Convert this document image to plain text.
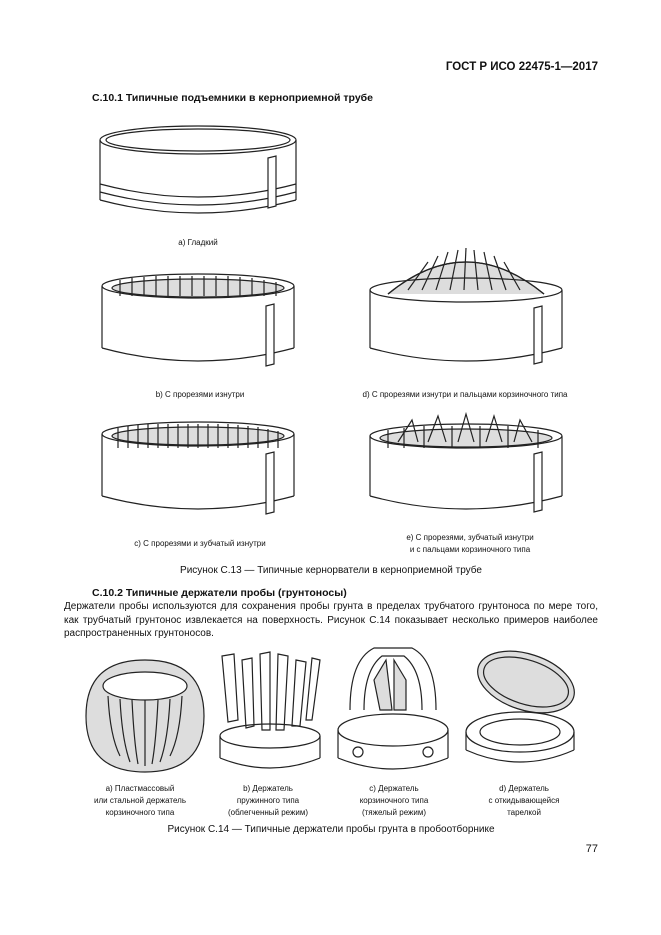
ГОСТ Р ИСО 22475-1—2017
С.10.1 Типичные подъемники в керноприемной трубе
а) Гладкий
b) С прорезями изнутри	d) С прорезями изнутри и пальцами корзиночного типа
с) С прорезями и зубчатый изнутри
е) С прорезями, зубчатый изнутри
и с пальцами корзиночного типа
Рисунок С.13 — Типичные кернорватели в керноприемной трубе
С.10.2 Типичные держатели пробы (грунтоносы)
Держатели пробы используются для сохранения пробы грунта в пределах трубчатого грунтоноса по мере того, как трубчатый грунтонос извлекается на поверхность. Рисунок С.14 показывает несколько примеров наиболее распространенных грунтоносов.
а) Пластмассовый
или стальной держатель
корзиночного типа
b) Держатель
пружинного типа
(облегченный режим)
с) Держатель
корзиночного типа
(тяжелый режим)
d) Держатель
с откидывающейся
тарелкой
Рисунок С.14 — Типичные держатели пробы грунта в пробоотборнике
77
